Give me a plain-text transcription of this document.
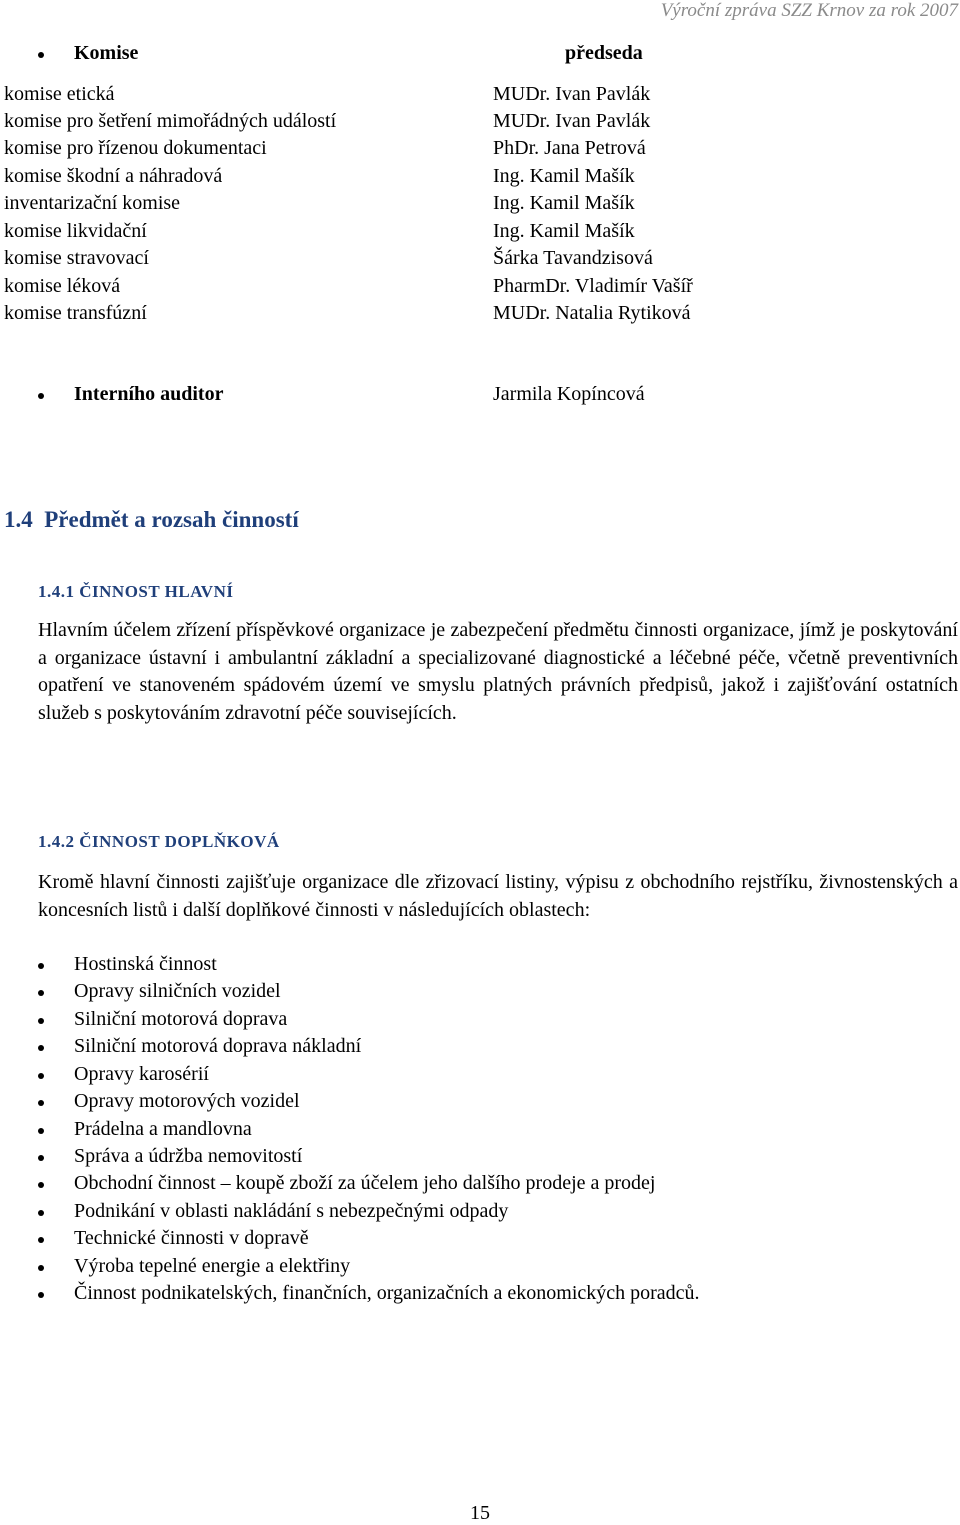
Výroční zpráva SZZ Krnov za rok 2007
Komise	předseda
komise etická	MUDr. Ivan Pavlák
komise pro šetření mimořádných událostí	MUDr. Ivan Pavlák
komise pro řízenou dokumentaci	PhDr. Jana Petrová
komise škodní a náhradová	Ing. Kamil Mašík
inventarizační komise	Ing. Kamil Mašík
komise likvidační	Ing. Kamil Mašík
komise stravovací	Šárka Tavandzisová
komise léková	PharmDr. Vladimír Vašíř
komise transfúzní	MUDr. Natalia Rytiková
Interního auditor	Jarmila Kopíncová
1.4 Předmět a rozsah činností
1.4.1 ČINNOST HLAVNÍ
Hlavním účelem zřízení příspěvkové organizace je zabezpečení předmětu činnosti organizace, jímž je poskytování a organizace ústavní i ambulantní základní a specializované diagnostické a léčebné péče, včetně preventivních opatření ve stanoveném spádovém území ve smyslu platných právních předpisů, jakož i zajišťování ostatních služeb s poskytováním zdravotní péče souvisejících.
1.4.2 ČINNOST DOPLŇKOVÁ
Kromě hlavní činnosti zajišťuje organizace dle zřizovací listiny, výpisu z obchodního rejstříku, živnostenských a koncesních listů i další doplňkové činnosti v následujících oblastech:
Hostinská činnost
Opravy silničních vozidel
Silniční motorová doprava
Silniční motorová doprava nákladní
Opravy karosérií
Opravy motorových vozidel
Prádelna a mandlovna
Správa a údržba nemovitostí
Obchodní činnost – koupě zboží za účelem jeho dalšího prodeje a prodej
Podnikání v oblasti nakládání s nebezpečnými odpady
Technické činnosti v dopravě
Výroba tepelné energie a elektřiny
Činnost podnikatelských, finančních, organizačních a ekonomických poradců.
15
